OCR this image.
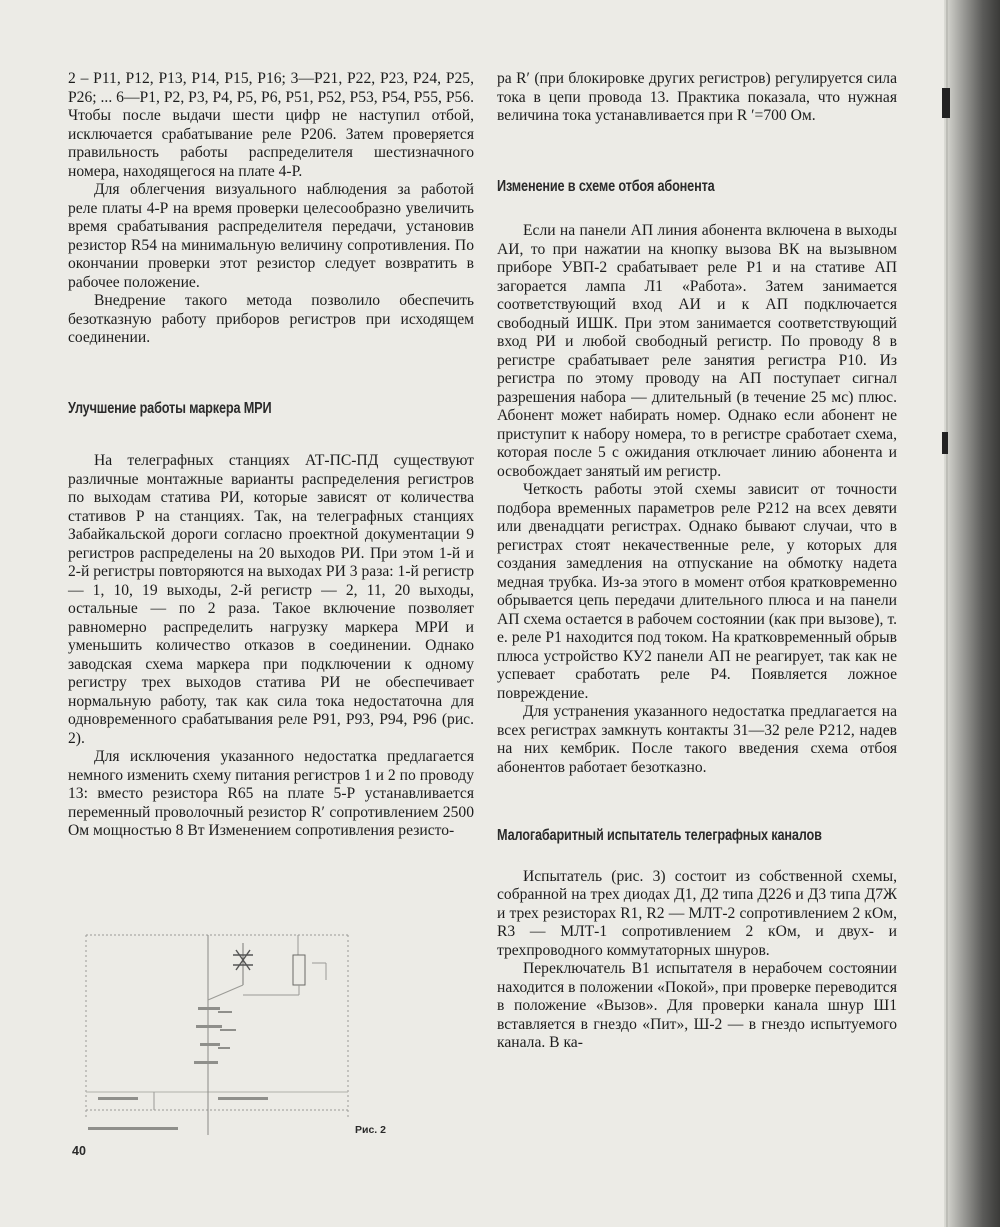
2 – Р11, Р12, Р13, Р14, Р15, Р16; 3—Р21, Р22, Р23, Р24, Р25, Р26; ... 6—Р1, Р2, Р3, Р4, Р5, Р6, Р51, Р52, Р53, Р54, Р55, Р56. Чтобы после выдачи шести цифр не наступил отбой, исключается срабатывание реле Р206. Затем проверяется правильность работы распределителя шестизначного номера, находящегося на плате 4-Р.

Для облегчения визуального наблюдения за работой реле платы 4-Р на время проверки целесообразно увеличить время срабатывания распределителя передачи, установив резистор R54 на минимальную величину сопротивления. По окончании проверки этот резистор следует возвратить в рабочее положение.

Внедрение такого метода позволило обеспечить безотказную работу приборов регистров при исходящем соединении.

Улучшение работы маркера МРИ

На телеграфных станциях АТ-ПС-ПД существуют различные монтажные варианты распределения регистров по выходам статива РИ, которые зависят от количества стативов Р на станциях. Так, на телеграфных станциях Забайкальской дороги согласно проектной документации 9 регистров распределены на 20 выходов РИ. При этом 1-й и 2-й регистры повторяются на выходах РИ 3 раза: 1-й регистр — 1, 10, 19 выходы, 2-й регистр — 2, 11, 20 выходы, остальные — по 2 раза. Такое включение позволяет равномерно распределить нагрузку маркера МРИ и уменьшить количество отказов в соединении. Однако заводская схема маркера при подключении к одному регистру трех выходов статива РИ не обеспечивает нормальную работу, так как сила тока недостаточна для одновременного срабатывания реле Р91, Р93, Р94, Р96 (рис. 2).

Для исключения указанного недостатка предлагается немного изменить схему питания регистров 1 и 2 по проводу 13: вместо резистора R65 на плате 5-Р устанавливается переменный проволочный резистор R′ сопротивлением 2500 Ом мощностью 8 Вт Изменением сопротивления резисто-

Рис. 2
40

ра R′ (при блокировке других регистров) регулируется сила тока в цепи провода 13. Практика показала, что нужная величина тока устанавливается при R ′=700 Ом.

Изменение в схеме отбоя абонента

Если на панели АП линия абонента включена в выходы АИ, то при нажатии на кнопку вызова ВК на вызывном приборе УВП-2 срабатывает реле Р1 и на стативе АП загорается лампа Л1 «Работа». Затем занимается соответствующий вход АИ и к АП подключается свободный ИШК. При этом занимается соответствующий вход РИ и любой свободный регистр. По проводу 8 в регистре срабатывает реле занятия регистра Р10. Из регистра по этому проводу на АП поступает сигнал разрешения набора — длительный (в течение 25 мс) плюс. Абонент может набирать номер. Однако если абонент не приступит к набору номера, то в регистре сработает схема, которая после 5 с ожидания отключает линию абонента и освобождает занятый им регистр.

Четкость работы этой схемы зависит от точности подбора временных параметров реле Р212 на всех девяти или двенадцати регистрах. Однако бывают случаи, что в регистрах стоят некачественные реле, у которых для создания замедления на отпускание на обмотку надета медная трубка. Из-за этого в момент отбоя кратковременно обрывается цепь передачи длительного плюса и на панели АП схема остается в рабочем состоянии (как при вызове), т. е. реле Р1 находится под током. На кратковременный обрыв плюса устройство КУ2 панели АП не реагирует, так как не успевает сработать реле Р4. Появляется ложное повреждение.

Для устранения указанного недостатка предлагается на всех регистрах замкнуть контакты 31—32 реле Р212, надев на них кембрик. После такого введения схема отбоя абонентов работает безотказно.

Малогабаритный испытатель телеграфных каналов

Испытатель (рис. 3) состоит из собственной схемы, собранной на трех диодах Д1, Д2 типа Д226 и Д3 типа Д7Ж и трех резисторах R1, R2 — МЛТ-2 сопротивлением 2 кОм, R3 — МЛТ-1 сопротивлением 2 кОм, и двух- и трехпроводного коммутаторных шнуров.

Переключатель В1 испытателя в нерабочем состоянии находится в положении «Покой», при проверке переводится в положение «Вызов». Для проверки канала шнур Ш1 вставляется в гнездо «Пит», Ш-2 — в гнездо испытуемого канала. В ка-
